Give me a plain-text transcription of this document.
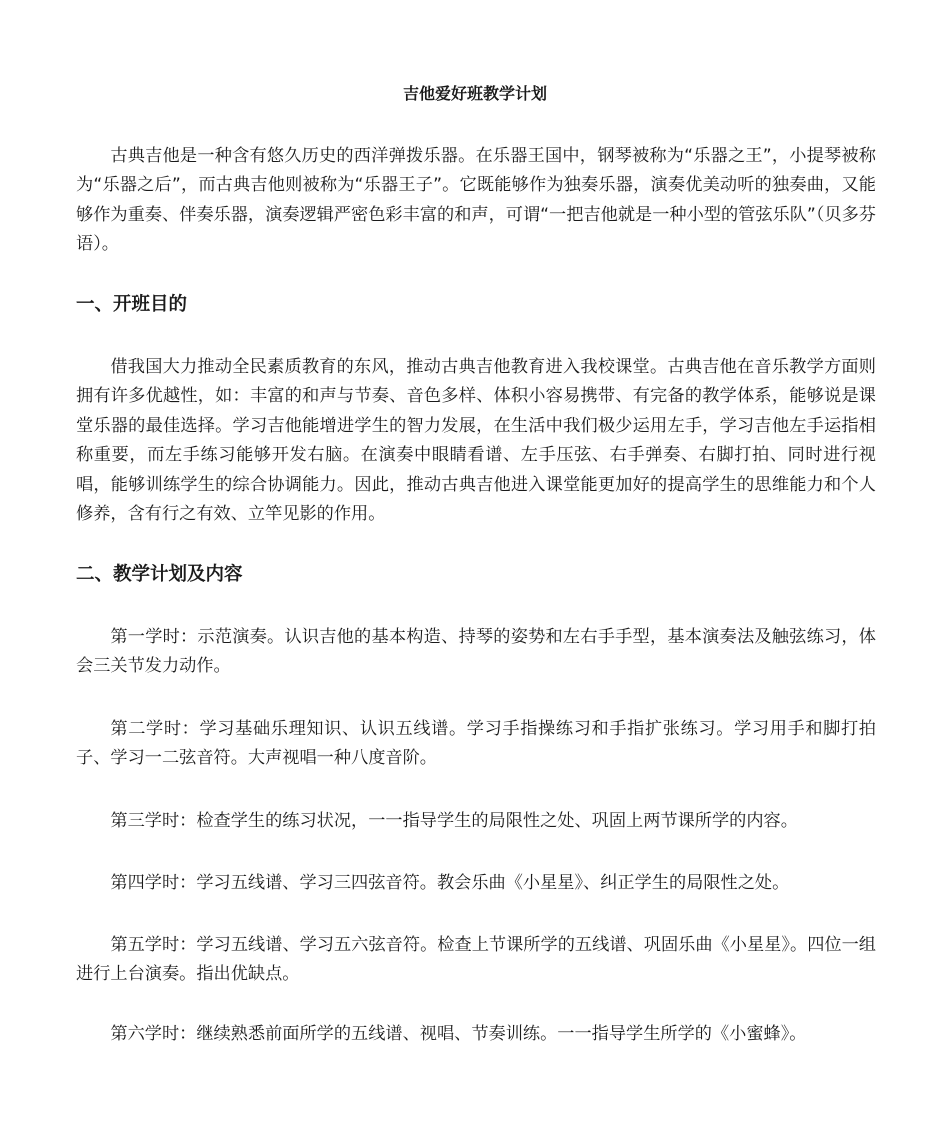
吉他爱好班教学计划

古典吉他是一种含有悠久历史的西洋弹拨乐器。在乐器王国中，钢琴被称为“乐器之王”，小提琴被称为“乐器之后”，而古典吉他则被称为“乐器王子”。它既能够作为独奏乐器，演奏优美动听的独奏曲，又能够作为重奏、伴奏乐器，演奏逻辑严密色彩丰富的和声，可谓“一把吉他就是一种小型的管弦乐队”（贝多芬语）。

一、开班目的

借我国大力推动全民素质教育的东风，推动古典吉他教育进入我校课堂。古典吉他在音乐教学方面则拥有许多优越性，如：丰富的和声与节奏、音色多样、体积小容易携带、有完备的教学体系，能够说是课堂乐器的最佳选择。学习吉他能增进学生的智力发展，在生活中我们极少运用左手，学习吉他左手运指相称重要，而左手练习能够开发右脑。在演奏中眼睛看谱、左手压弦、右手弹奏、右脚打拍、同时进行视唱，能够训练学生的综合协调能力。因此，推动古典吉他进入课堂能更加好的提高学生的思维能力和个人修养，含有行之有效、立竿见影的作用。

二、教学计划及内容

第一学时：示范演奏。认识吉他的基本构造、持琴的姿势和左右手手型，基本演奏法及触弦练习，体会三关节发力动作。

第二学时：学习基础乐理知识、认识五线谱。学习手指操练习和手指扩张练习。学习用手和脚打拍子、学习一二弦音符。大声视唱一种八度音阶。

第三学时：检查学生的练习状况，一一指导学生的局限性之处、巩固上两节课所学的内容。

第四学时：学习五线谱、学习三四弦音符。教会乐曲《小星星》、纠正学生的局限性之处。

第五学时：学习五线谱、学习五六弦音符。检查上节课所学的五线谱、巩固乐曲《小星星》。四位一组进行上台演奏。指出优缺点。

第六学时：继续熟悉前面所学的五线谱、视唱、节奏训练。一一指导学生所学的《小蜜蜂》。
